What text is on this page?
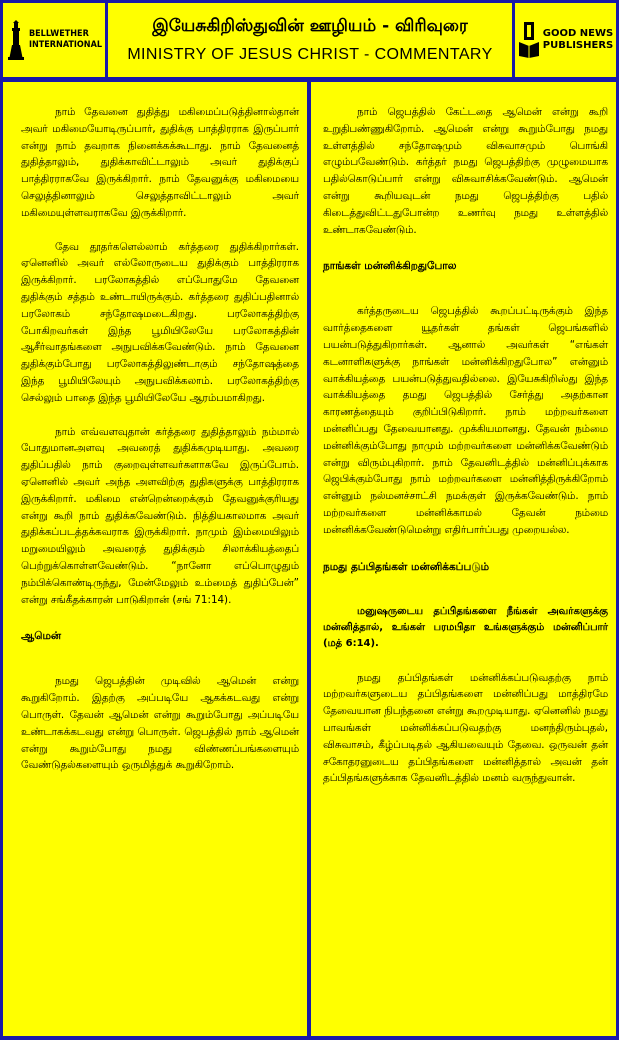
BELLWETHER
INTERNATIONAL
இயேசுகிறிஸ்துவின் ஊழியம் - விரிவுரை
MINISTRY OF JESUS CHRIST - COMMENTARY
GOOD NEWS
PUBLISHERS

நாம் தேவனை துதித்து மகிமைப்படுத்தினால்தான் அவர் மகிமையோடிருப்பார், துதிக்கு பாத்திரராக இருப்பார் என்று நாம் தவறாக நினைக்கக்கூடாது. நாம் தேவனைத் துதித்தாலும், துதிக்காவிட்டாலும் அவர் துதிக்குப் பாத்திரராகவே இருக்கிறார். நாம் தேவனுக்கு மகிமையை செலுத்தினாலும் செலுத்தாவிட்டாலும் அவர் மகிமையுள்ளவராகவே இருக்கிறார்.

தேவ தூதர்களெல்லாம் கர்த்தரை துதிக்கிறார்கள். ஏனெனில் அவர் எல்லோருடைய துதிக்கும் பாத்திரராக இருக்கிறார். பரலோகத்தில் எப்போதுமே தேவனை துதிக்கும் சத்தம் உண்டாயிருக்கும். கர்த்தரை துதிப்பதினால் பரலோகம் சந்தோஷமடைகிறது. பரலோகத்திற்கு போகிறவர்கள் இந்த பூமியிலேயே பரலோகத்தின் ஆசீர்வாதங்களை அநுபவிக்கவேண்டும். நாம் தேவனை துதிக்கும்போது பரலோகத்திலுண்டாகும் சந்தோஷத்தை இந்த பூமியிலேயும் அநுபவிக்கலாம். பரலோகத்திற்கு செல்லும் பாதை இந்த பூமியிலேயே ஆரம்பமாகிறது.

நாம் எவ்வளவுதான் கர்த்தரை துதித்தாலும் நம்மால் போதுமானஅளவு அவரைத் துதிக்கமுடியாது. அவரை துதிப்பதில் நாம் குறைவுள்ளவர்களாகவே இருப்போம். ஏனெனில் அவர் அந்த அளவிற்கு துதிகளுக்கு பாத்திரராக இருக்கிறார். மகிமை என்றென்றைக்கும் தேவனுக்குரியது என்று கூறி நாம் துதிக்கவேண்டும். நித்தியகாலமாக அவர் துதிக்கப்படத்தக்கவராக இருக்கிறார். நாமும் இம்மையிலும் மறுமையிலும் அவரைத் துதிக்கும் சிலாக்கியத்தைப் பெற்றுக்கொள்ளவேண்டும். “நானோ எப்பொழுதும் நம்பிக்கொண்டிருந்து, மேன்மேலும் உம்மைத் துதிப்பேன்” என்று சங்கீதக்காரன் பாடுகிறான் (சங் 71:14).

ஆமென்

நமது ஜெபத்தின் முடிவில் ஆமென் என்று கூறுகிறோம். இதற்கு அப்படியே ஆகக்கடவது என்று பொருள். தேவன் ஆமென் என்று கூறும்போது அப்படியே உண்டாகக்கடவது என்று பொருள். ஜெபத்தில் நாம் ஆமென் என்று கூறும்போது நமது விண்ணப்பங்களையும் வேண்டுதல்களையும் ஒருமித்துக் கூறுகிறோம்.

நாம் ஜெபத்தில் கேட்டதை ஆமென் என்று கூறி உறுதிபண்ணுகிறோம். ஆமென் என்று கூறும்போது நமது உள்ளத்தில் சந்தோஷமும் விசுவாசமும் பொங்கி எழும்பவேண்டும். கர்த்தர் நமது ஜெபத்திற்கு முழுமையாக பதில்கொடுப்பார் என்று விசுவாசிக்கவேண்டும். ஆமென் என்று கூறியவுடன் நமது ஜெபத்திற்கு பதில் கிடைத்துவிட்டதுபோன்ற உணர்வு நமது உள்ளத்தில் உண்டாகவேண்டும்.

நாங்கள் மன்னிக்கிறதுபோல

கர்த்தருடைய ஜெபத்தில் கூறப்பட்டிருக்கும் இந்த வார்த்தைகளை யூதர்கள் தங்கள் ஜெபங்களில் பயன்படுத்துகிறார்கள். ஆனால் அவர்கள் “எங்கள் கடனாளிகளுக்கு நாங்கள் மன்னிக்கிறதுபோல” என்னும் வாக்கியத்தை பயன்படுத்துவதில்லை. இயேசுகிறிஸ்து இந்த வாக்கியத்தை தமது ஜெபத்தில் சேர்த்து அதற்கான காரணத்தையும் குறிப்பிடுகிறார். நாம் மற்றவர்களை மன்னிப்பது தேவையானது. முக்கியமானது. தேவன் நம்மை மன்னிக்கும்போது நாமும் மற்றவர்களை மன்னிக்கவேண்டும் என்று விரும்புகிறார். நாம் தேவனிடத்தில் மன்னிப்புக்காக ஜெபிக்கும்போது நாம் மற்றவர்களை மன்னித்திருக்கிறோம் என்னும் நல்மனச்சாட்சி நமக்குள் இருக்கவேண்டும். நாம் மற்றவர்களை மன்னிக்காமல் தேவன் நம்மை மன்னிக்கவேண்டுமென்று எதிர்பார்ப்பது முறையல்ல.

நமது தப்பிதங்கள் மன்னிக்கப்படும்

மனுஷருடைய தப்பிதங்களை நீங்கள் அவர்களுக்கு மன்னித்தால், உங்கள் பரமபிதா உங்களுக்கும் மன்னிப்பார் (மத் 6:14).

நமது தப்பிதங்கள் மன்னிக்கப்படுவதற்கு நாம் மற்றவர்களுடைய தப்பிதங்களை மன்னிப்பது மாத்திரமே தேவையான நிபந்தனை என்று கூறமுடியாது. ஏனெனில் நமது பாவங்கள் மன்னிக்கப்படுவதற்கு மனந்திரும்புதல், விசுவாசம், கீழ்ப்படிதல் ஆகியவையும் தேவை. ஒருவன் தன் சகோதரனுடைய தப்பிதங்களை மன்னித்தால் அவன் தன் தப்பிதங்களுக்காக தேவனிடத்தில் மனம் வருந்துவான்.
